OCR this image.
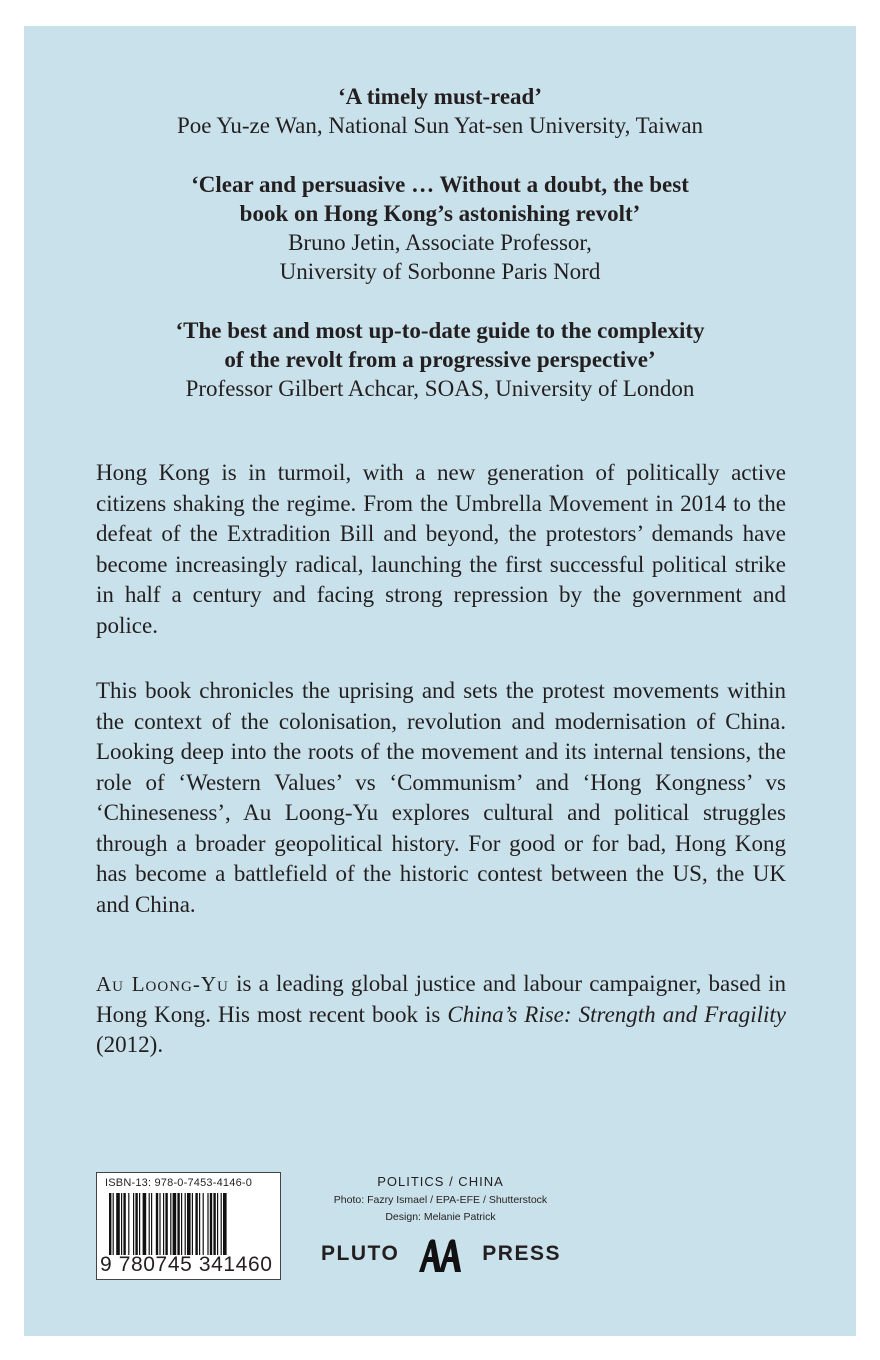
‘A timely must-read’
Poe Yu-ze Wan, National Sun Yat-sen University, Taiwan
‘Clear and persuasive … Without a doubt, the best
book on Hong Kong’s astonishing revolt’
Bruno Jetin, Associate Professor,
University of Sorbonne Paris Nord
‘The best and most up-to-date guide to the complexity
of the revolt from a progressive perspective’
Professor Gilbert Achcar, SOAS, University of London

Hong Kong is in turmoil, with a new generation of politically active citizens shaking the regime. From the Umbrella Movement in 2014 to the defeat of the Extradition Bill and beyond, the protestors’ demands have become increasingly radical, launching the first successful political strike in half a century and facing strong repression by the government and police.

This book chronicles the uprising and sets the protest movements within the context of the colonisation, revolution and modernisation of China. Looking deep into the roots of the movement and its internal tensions, the role of ‘Western Values’ vs ‘Communism’ and ‘Hong Kongness’ vs ‘Chineseness’, Au Loong-Yu explores cultural and political struggles through a broader geopolitical history. For good or for bad, Hong Kong has become a battlefield of the historic contest between the US, the UK and China.

Au Loong-Yu is a leading global justice and labour campaigner, based in Hong Kong. His most recent book is China’s Rise: Strength and Fragility (2012).

ISBN-13: 978-0-7453-4146-0
9 780745 341460
POLITICS / CHINA
Photo: Fazry Ismael / EPA-EFE / Shutterstock
Design: Melanie Patrick
PLUTO	PRESS
